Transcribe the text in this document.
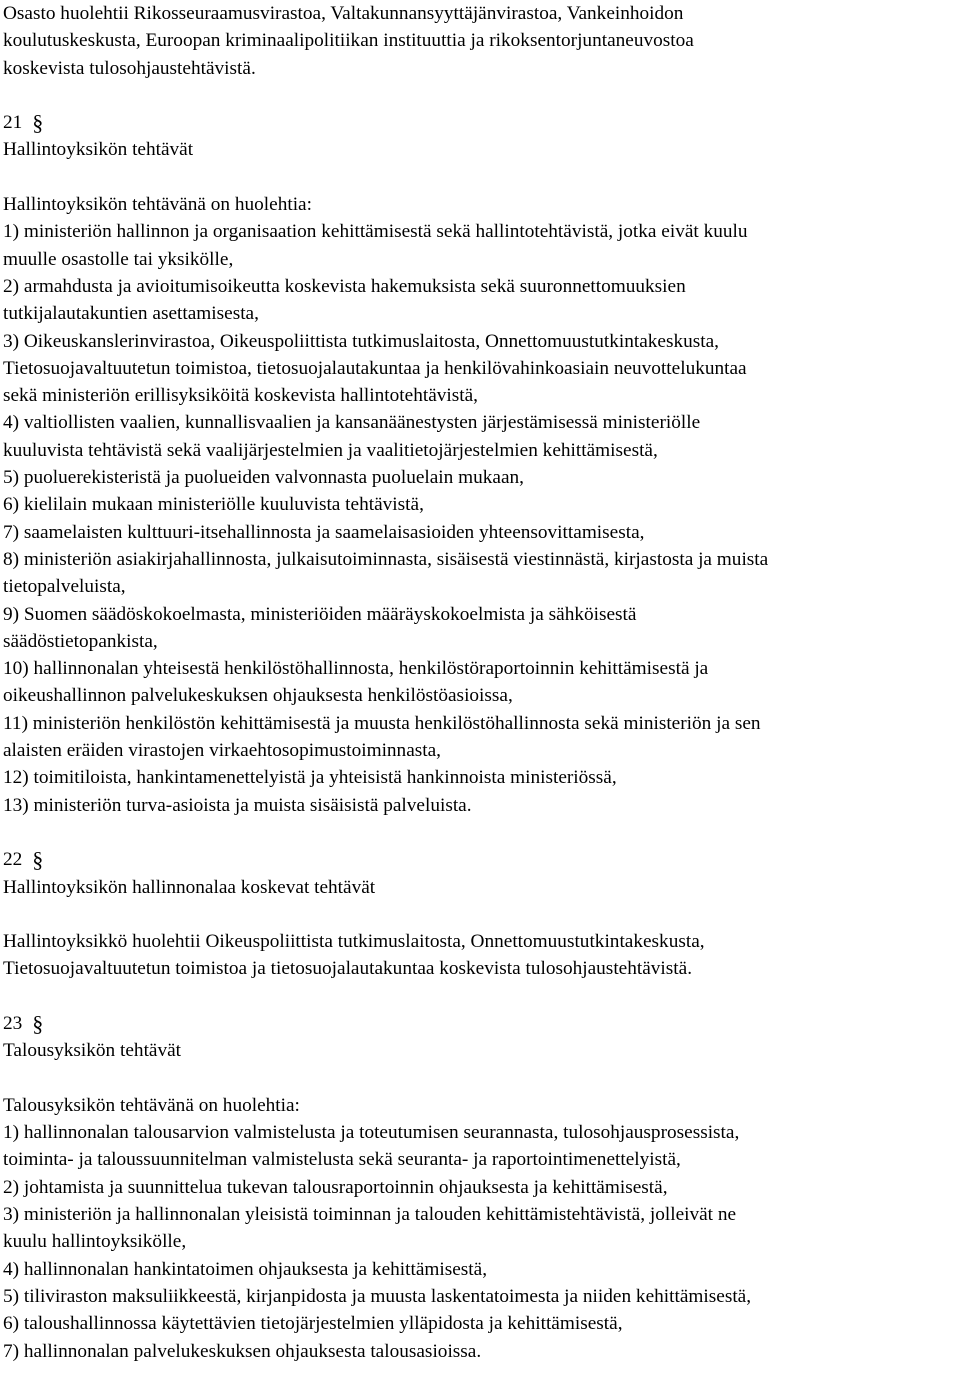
Osasto huolehtii Rikosseuraamusvirastoa, Valtakunnansyyttäjänvirastoa, Vankeinhoidon
koulutuskeskusta, Euroopan kriminaalipolitiikan instituuttia ja rikoksentorjuntaneuvostoa
koskevista tulosohjaustehtävistä.
21 §
Hallintoyksikön tehtävät
Hallintoyksikön tehtävänä on huolehtia:
1) ministeriön hallinnon ja organisaation kehittämisestä sekä hallintotehtävistä, jotka eivät kuulu
muulle osastolle tai yksikölle,
2) armahdusta ja avioitumisoikeutta koskevista hakemuksista sekä suuronnettomuuksien
tutkijalautakuntien asettamisesta,
3) Oikeuskanslerinvirastoa, Oikeuspoliittista tutkimuslaitosta, Onnettomuustutkintakeskusta,
Tietosuojavaltuutetun toimistoa, tietosuojalautakuntaa ja henkilövahinkoasiain neuvottelukuntaa
sekä ministeriön erillisyksiköitä koskevista hallintotehtävistä,
4) valtiollisten vaalien, kunnallisvaalien ja kansanäänestysten järjestämisessä ministeriölle
kuuluvista tehtävistä sekä vaalijärjestelmien ja vaalitietojärjestelmien kehittämisestä,
5) puoluerekisteristä ja puolueiden valvonnasta puoluelain mukaan,
6) kielilain mukaan ministeriölle kuuluvista tehtävistä,
7) saamelaisten kulttuuri-itsehallinnosta ja saamelaisasioiden yhteensovittamisesta,
8) ministeriön asiakirjahallinnosta, julkaisutoiminnasta, sisäisestä viestinnästä, kirjastosta ja muista
tietopalveluista,
9) Suomen säädöskokoelmasta, ministeriöiden määräyskokoelmista ja sähköisestä
säädöstietopankista,
10) hallinnonalan yhteisestä henkilöstöhallinnosta, henkilöstöraportoinnin kehittämisestä ja
oikeushallinnon palvelukeskuksen ohjauksesta henkilöstöasioissa,
11) ministeriön henkilöstön kehittämisestä ja muusta henkilöstöhallinnosta sekä ministeriön ja sen
alaisten eräiden virastojen virkaehtosopimustoiminnasta,
12) toimitiloista, hankintamenettelyistä ja yhteisistä hankinnoista ministeriössä,
13) ministeriön turva-asioista ja muista sisäisistä palveluista.
22 §
Hallintoyksikön hallinnonalaa koskevat tehtävät
Hallintoyksikkö huolehtii Oikeuspoliittista tutkimuslaitosta, Onnettomuustutkintakeskusta,
Tietosuojavaltuutetun toimistoa ja tietosuojalautakuntaa koskevista tulosohjaustehtävistä.
23 §
Talousyksikön tehtävät
Talousyksikön tehtävänä on huolehtia:
1) hallinnonalan talousarvion valmistelusta ja toteutumisen seurannasta, tulosohjausprosessista,
toiminta- ja taloussuunnitelman valmistelusta sekä seuranta- ja raportointimenettelyistä,
2) johtamista ja suunnittelua tukevan talousraportoinnin ohjauksesta ja kehittämisestä,
3) ministeriön ja hallinnonalan yleisistä toiminnan ja talouden kehittämistehtävistä, jolleivät ne
kuulu hallintoyksikölle,
4) hallinnonalan hankintatoimen ohjauksesta ja kehittämisestä,
5) tiliviraston maksuliikkeestä, kirjanpidosta ja muusta laskentatoimesta ja niiden kehittämisestä,
6) taloushallinnossa käytettävien tietojärjestelmien ylläpidosta ja kehittämisestä,
7) hallinnonalan palvelukeskuksen ohjauksesta talousasioissa.
